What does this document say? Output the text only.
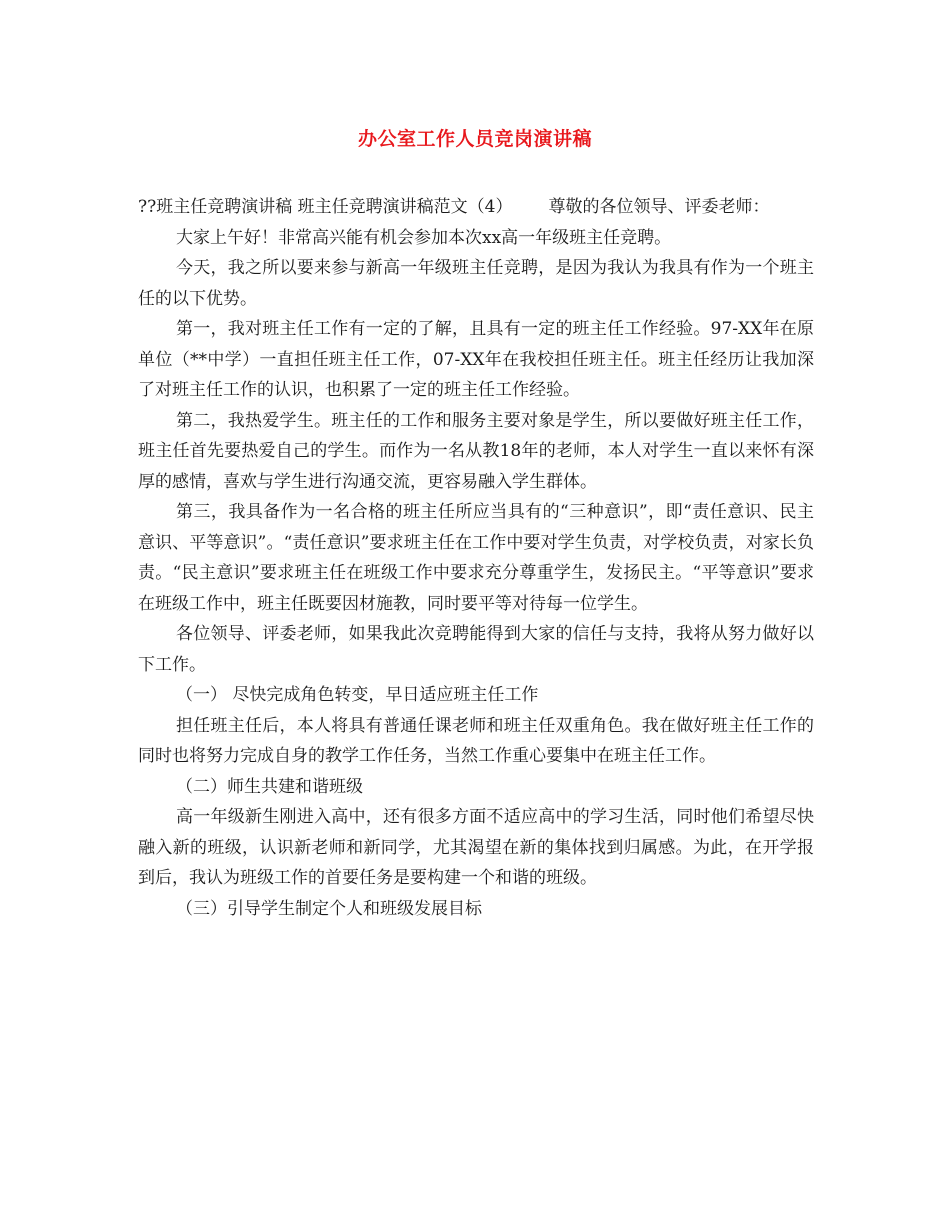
办公室工作人员竞岗演讲稿

??班主任竞聘演讲稿 班主任竞聘演讲稿范文（4） 尊敬的各位领导、评委老师：

大家上午好！非常高兴能有机会参加本次xx高一年级班主任竞聘。

今天，我之所以要来参与新高一年级班主任竞聘，是因为我认为我具有作为一个班主任的以下优势。

第一，我对班主任工作有一定的了解，且具有一定的班主任工作经验。97-XX年在原单位（**中学）一直担任班主任工作，07-XX年在我校担任班主任。班主任经历让我加深了对班主任工作的认识，也积累了一定的班主任工作经验。

第二，我热爱学生。班主任的工作和服务主要对象是学生，所以要做好班主任工作，班主任首先要热爱自己的学生。而作为一名从教18年的老师，本人对学生一直以来怀有深厚的感情，喜欢与学生进行沟通交流，更容易融入学生群体。

第三，我具备作为一名合格的班主任所应当具有的“三种意识”，即“责任意识、民主意识、平等意识”。“责任意识”要求班主任在工作中要对学生负责，对学校负责，对家长负责。“民主意识”要求班主任在班级工作中要求充分尊重学生，发扬民主。“平等意识”要求在班级工作中，班主任既要因材施教，同时要平等对待每一位学生。

各位领导、评委老师，如果我此次竞聘能得到大家的信任与支持，我将从努力做好以下工作。

（一） 尽快完成角色转变，早日适应班主任工作

担任班主任后，本人将具有普通任课老师和班主任双重角色。我在做好班主任工作的同时也将努力完成自身的教学工作任务，当然工作重心要集中在班主任工作。

（二）师生共建和谐班级

高一年级新生刚进入高中，还有很多方面不适应高中的学习生活，同时他们希望尽快融入新的班级，认识新老师和新同学，尤其渴望在新的集体找到归属感。为此，在开学报到后，我认为班级工作的首要任务是要构建一个和谐的班级。

（三）引导学生制定个人和班级发展目标
